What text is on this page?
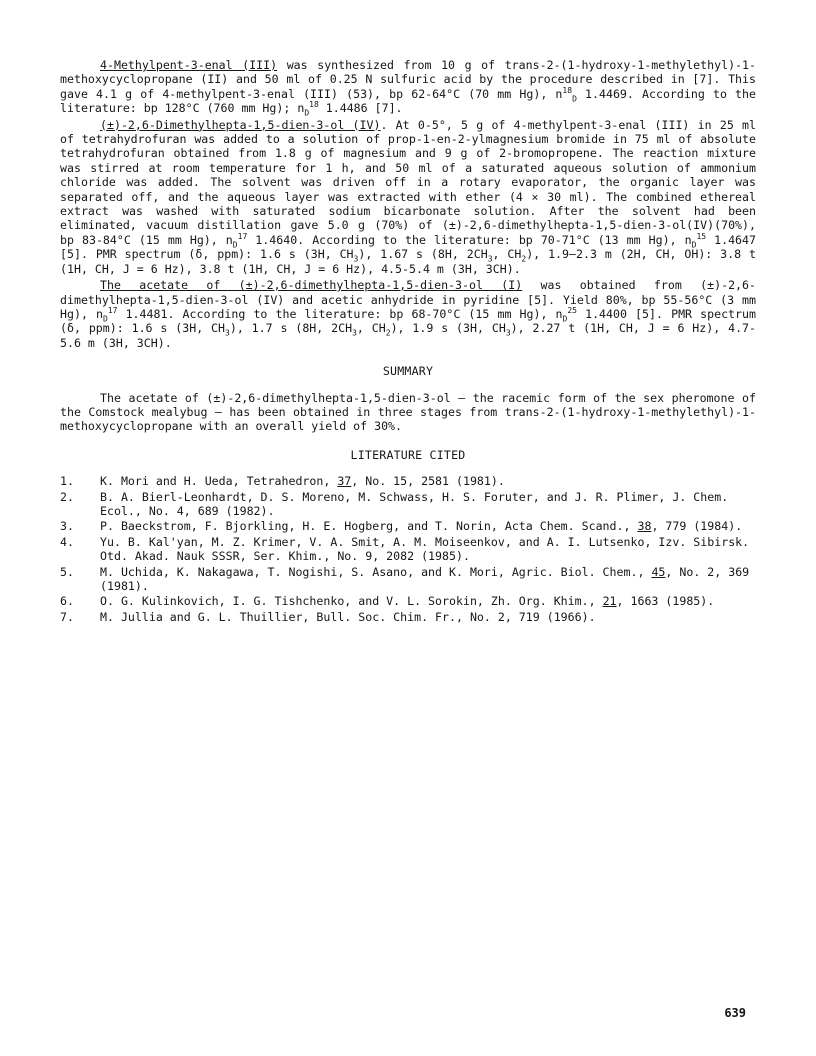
4-Methylpent-3-enal (III) was synthesized from 10 g of trans-2-(1-hydroxy-1-methylethyl)-1-methoxycyclopropane (II) and 50 ml of 0.25 N sulfuric acid by the procedure described in [7]. This gave 4.1 g of 4-methylpent-3-enal (III) (53), bp 62-64°C (70 mm Hg), $n^{18}_D$ 1.4469. According to the literature: bp 128°C (760 mm Hg); $n_D^{18}$ 1.4486 [7].

(±)-2,6-Dimethylhepta-1,5-dien-3-ol (IV). At 0-5°, 5 g of 4-methylpent-3-enal (III) in 25 ml of tetrahydrofuran was added to a solution of prop-1-en-2-ylmagnesium bromide in 75 ml of absolute tetrahydrofuran obtained from 1.8 g of magnesium and 9 g of 2-bromopropene. The reaction mixture was stirred at room temperature for 1 h, and 50 ml of a saturated aqueous solution of ammonium chloride was added. The solvent was driven off in a rotary evaporator, the organic layer was separated off, and the aqueous layer was extracted with ether (4 × 30 ml). The combined ethereal extract was washed with saturated sodium bicarbonate solution. After the solvent had been eliminated, vacuum distillation gave 5.0 g (70%) of (±)-2,6-dimethylhepta-1,5-dien-3-ol(IV)(70%), bp 83-84°C (15 mm Hg), $n_D^{17}$ 1.4640. According to the literature: bp 70-71°C (13 mm Hg), $n_D^{15}$ 1.4647 [5]. PMR spectrum (δ, ppm): 1.6 s (3H, $CH_3$), 1.67 s (8H, $2CH_3$, $CH_2$), 1.9–2.3 m (2H, CH, OH): 3.8 t (1H, CH, J = 6 Hz), 3.8 t (1H, CH, J = 6 Hz), 4.5-5.4 m (3H, 3CH).

The acetate of (±)-2,6-dimethylhepta-1,5-dien-3-ol (I) was obtained from (±)-2,6-dimethylhepta-1,5-dien-3-ol (IV) and acetic anhydride in pyridine [5]. Yield 80%, bp 55-56°C (3 mm Hg), $n_D^{17}$ 1.4481. According to the literature: bp 68-70°C (15 mm Hg), $n_D^{25}$ 1.4400 [5]. PMR spectrum (δ, ppm): 1.6 s (3H, $CH_3$), 1.7 s (8H, $2CH_3$, $CH_2$), 1.9 s (3H, $CH_3$), 2.27 t (1H, CH, J = 6 Hz), 4.7-5.6 m (3H, 3CH).

SUMMARY

The acetate of (±)-2,6-dimethylhepta-1,5-dien-3-ol – the racemic form of the sex pheromone of the Comstock mealybug – has been obtained in three stages from trans-2-(1-hydroxy-1-methylethyl)-1-methoxycyclopropane with an overall yield of 30%.

LITERATURE CITED
1.	K. Mori and H. Ueda, Tetrahedron, 37, No. 15, 2581 (1981).
2.	B. A. Bierl-Leonhardt, D. S. Moreno, M. Schwass, H. S. Foruter, and J. R. Plimer, J. Chem. Ecol., No. 4, 689 (1982).
3.	P. Baeckstrom, F. Bjorkling, H. E. Hogberg, and T. Norin, Acta Chem. Scand., 38, 779 (1984).
4.	Yu. B. Kal'yan, M. Z. Krimer, V. A. Smit, A. M. Moiseenkov, and A. I. Lutsenko, Izv. Sibirsk. Otd. Akad. Nauk SSSR, Ser. Khim., No. 9, 2082 (1985).
5.	M. Uchida, K. Nakagawa, T. Nogishi, S. Asano, and K. Mori, Agric. Biol. Chem., 45, No. 2, 369 (1981).
6.	O. G. Kulinkovich, I. G. Tishchenko, and V. L. Sorokin, Zh. Org. Khim., 21, 1663 (1985).
7.	M. Jullia and G. L. Thuillier, Bull. Soc. Chim. Fr., No. 2, 719 (1966).
639
